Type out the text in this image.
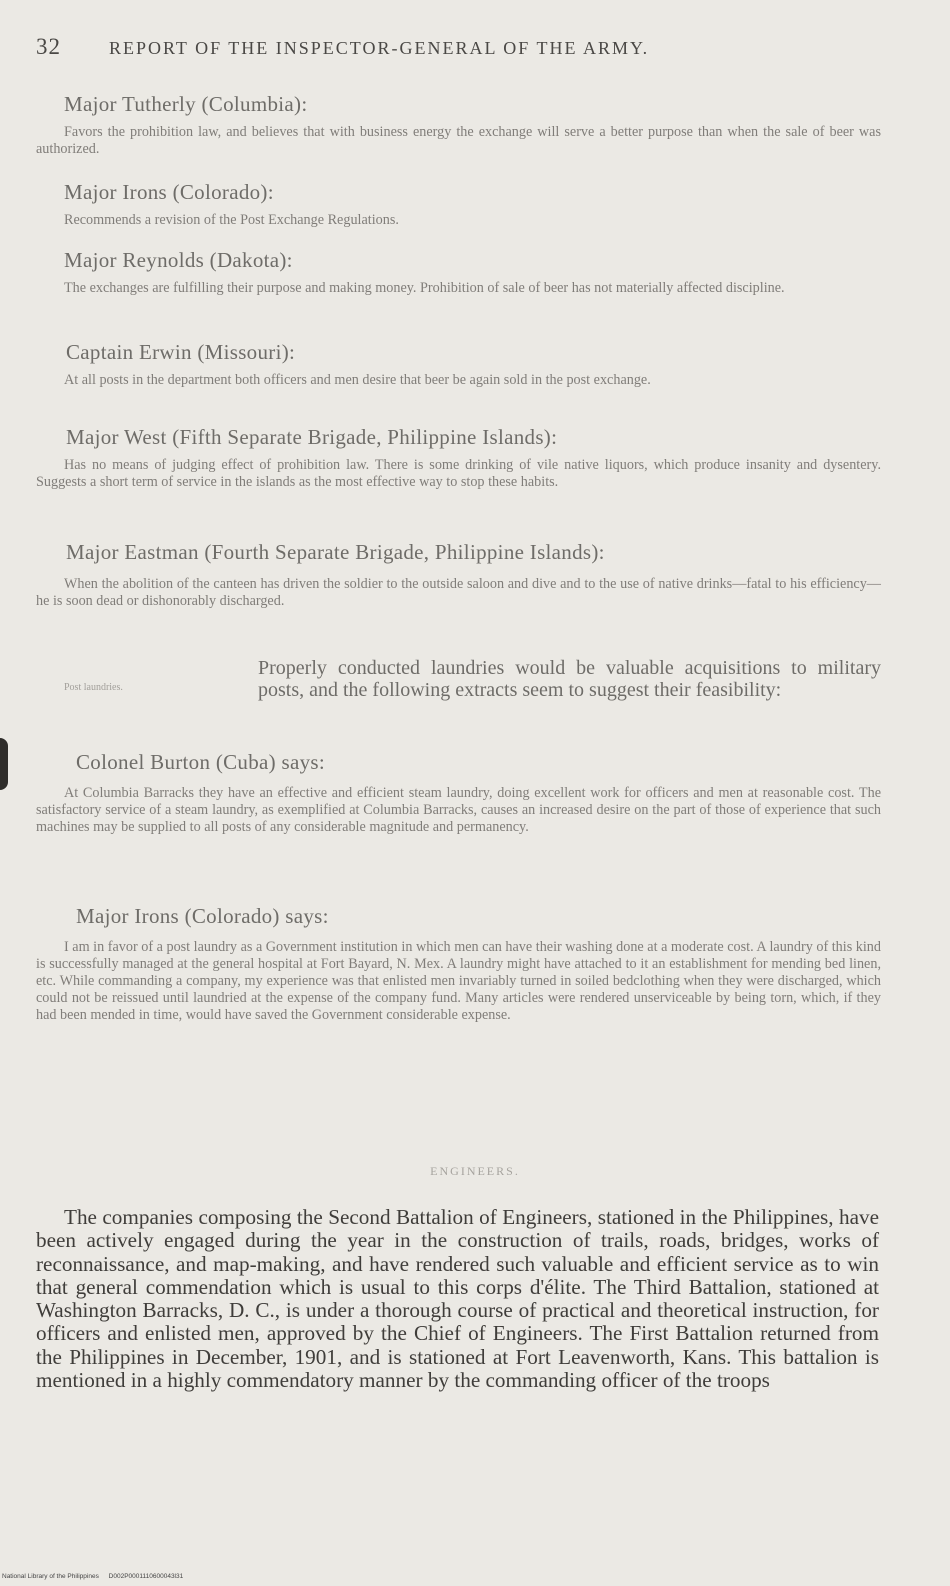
32	REPORT OF THE INSPECTOR-GENERAL OF THE ARMY.
Major Tutherly (Columbia):
Favors the prohibition law, and believes that with business energy the exchange will serve a better purpose than when the sale of beer was authorized.
Major Irons (Colorado):
Recommends a revision of the Post Exchange Regulations.
Major Reynolds (Dakota):
The exchanges are fulfilling their purpose and making money. Prohibition of sale of beer has not materially affected discipline.
Captain Erwin (Missouri):
At all posts in the department both officers and men desire that beer be again sold in the post exchange.
Major West (Fifth Separate Brigade, Philippine Islands):
Has no means of judging effect of prohibition law. There is some drinking of vile native liquors, which produce insanity and dysentery. Suggests a short term of service in the islands as the most effective way to stop these habits.
Major Eastman (Fourth Separate Brigade, Philippine Islands):
When the abolition of the canteen has driven the soldier to the outside saloon and dive and to the use of native drinks—fatal to his efficiency—he is soon dead or dishonorably discharged.
Post laundries.
Properly conducted laundries would be valuable acquisitions to military posts, and the following extracts seem to suggest their feasibility:
Colonel Burton (Cuba) says:
At Columbia Barracks they have an effective and efficient steam laundry, doing excellent work for officers and men at reasonable cost. The satisfactory service of a steam laundry, as exemplified at Columbia Barracks, causes an increased desire on the part of those of experience that such machines may be supplied to all posts of any considerable magnitude and permanency.
Major Irons (Colorado) says:
I am in favor of a post laundry as a Government institution in which men can have their washing done at a moderate cost. A laundry of this kind is successfully managed at the general hospital at Fort Bayard, N. Mex. A laundry might have attached to it an establishment for mending bed linen, etc. While commanding a company, my experience was that enlisted men invariably turned in soiled bedclothing when they were discharged, which could not be reissued until laundried at the expense of the company fund. Many articles were rendered unserviceable by being torn, which, if they had been mended in time, would have saved the Government considerable expense.
ENGINEERS.
The companies composing the Second Battalion of Engineers, stationed in the Philippines, have been actively engaged during the year in the construction of trails, roads, bridges, works of reconnaissance, and map-making, and have rendered such valuable and efficient service as to win that general commendation which is usual to this corps d'élite. The Third Battalion, stationed at Washington Barracks, D. C., is under a thorough course of practical and theoretical instruction, for officers and enlisted men, approved by the Chief of Engineers. The First Battalion returned from the Philippines in December, 1901, and is stationed at Fort Leavenworth, Kans. This battalion is mentioned in a highly commendatory manner by the commanding officer of the troops
National Library of the Philippines D002P0001110600043l31
